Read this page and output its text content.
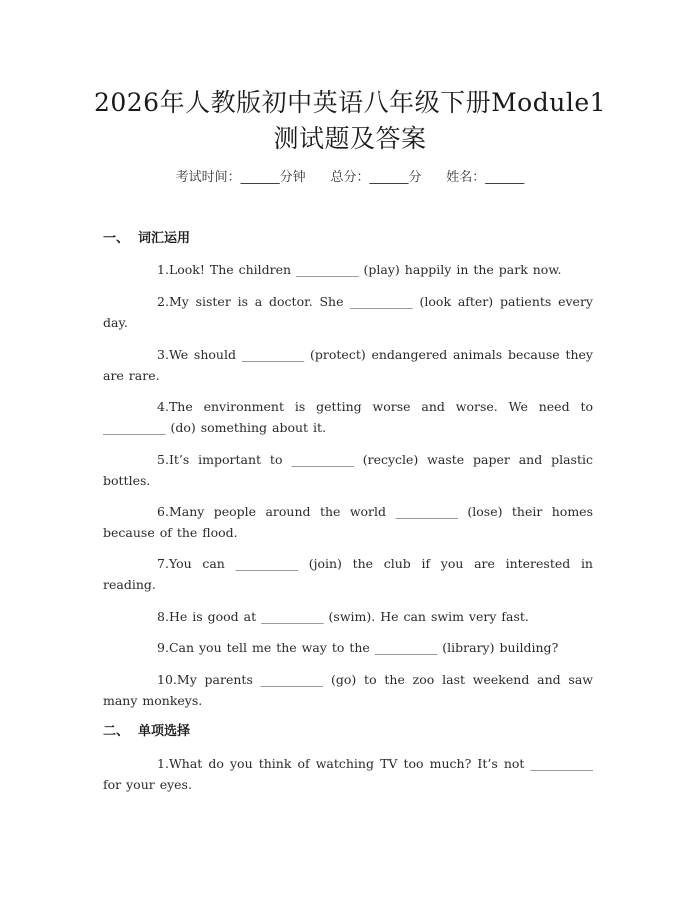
2026年人教版初中英语八年级下册Module1
测试题及答案
考试时间：______分钟 总分：______分 姓名：______
一、  词汇运用
1.Look! The children __________ (play) happily in the park now.
2.My sister is a doctor. She __________ (look after) patients every day.
3.We should __________ (protect) endangered animals because they are rare.
4.The environment is getting worse and worse. We need to __________ (do) something about it.
5.It’s important to __________ (recycle) waste paper and plastic bottles.
6.Many people around the world __________ (lose) their homes because of the flood.
7.You can __________ (join) the club if you are interested in reading.
8.He is good at __________ (swim). He can swim very fast.
9.Can you tell me the way to the __________ (library) building?
10.My parents __________ (go) to the zoo last weekend and saw many monkeys.
二、  单项选择
1.What do you think of watching TV too much? It’s not __________ for your eyes.
